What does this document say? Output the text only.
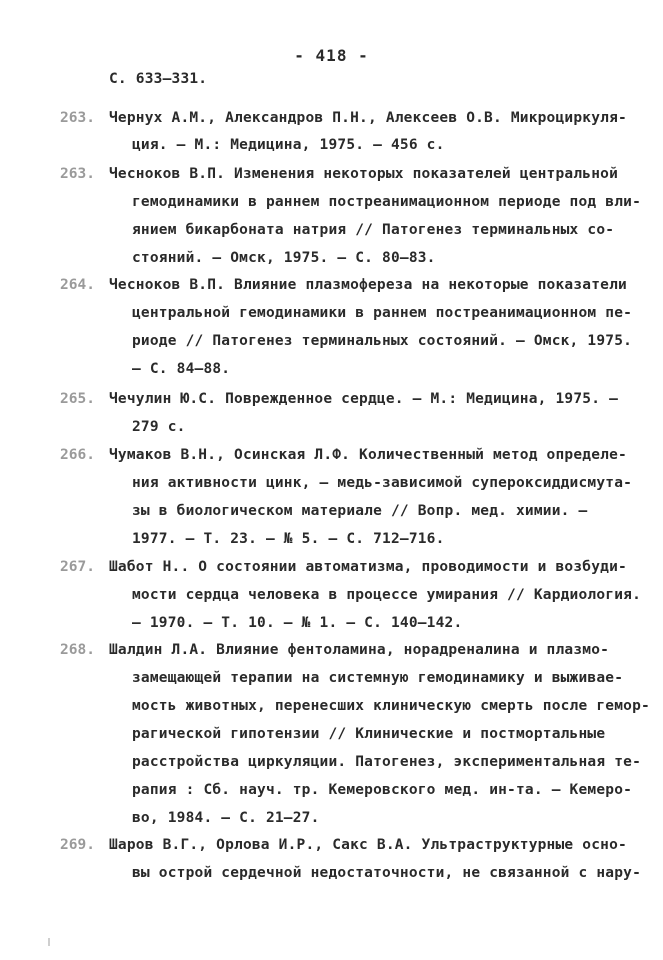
- 418 -
С. 633–331.
263. Чернух А.М., Александров П.Н., Алексеев О.В. Микроциркуля-
ция. – М.: Медицина, 1975. – 456 с.
263. Чесноков В.П. Изменения некоторых показателей центральной
гемодинамики в раннем постреанимационном периоде под вли-
янием бикарбоната натрия // Патогенез терминальных со-
стояний. – Омск, 1975. – С. 80–83.
264. Чесноков В.П. Влияние плазмофереза на некоторые показатели
центральной гемодинамики в раннем постреанимационном пе-
риоде // Патогенез терминальных состояний. – Омск, 1975.
– С. 84–88.
265. Чечулин Ю.С. Поврежденное сердце. – М.: Медицина, 1975. –
279 с.
266. Чумаков В.Н., Осинская Л.Ф. Количественный метод определе-
ния активности цинк, – медь-зависимой супероксиддисмута-
зы в биологическом материале // Вопр. мед. химии. –
1977. – Т. 23. – № 5. – С. 712–716.
267. Шабот Н.. О состоянии автоматизма, проводимости и возбуди-
мости сердца человека в процессе умирания // Кардиология.
– 1970. – Т. 10. – № 1. – С. 140–142.
268. Шалдин Л.А. Влияние фентоламина, норадреналина и плазмо-
замещающей терапии на системную гемодинамику и выживае-
мость животных, перенесших клиническую смерть после гемор-
рагической гипотензии // Клинические и постмортальные
расстройства циркуляции. Патогенез, экспериментальная те-
рапия : Сб. науч. тр. Кемеровского мед. ин-та. – Кемеро-
во, 1984. – С. 21–27.
269. Шаров В.Г., Орлова И.Р., Сакс В.А. Ультраструктурные осно-
вы острой сердечной недостаточности, не связанной с нару-
